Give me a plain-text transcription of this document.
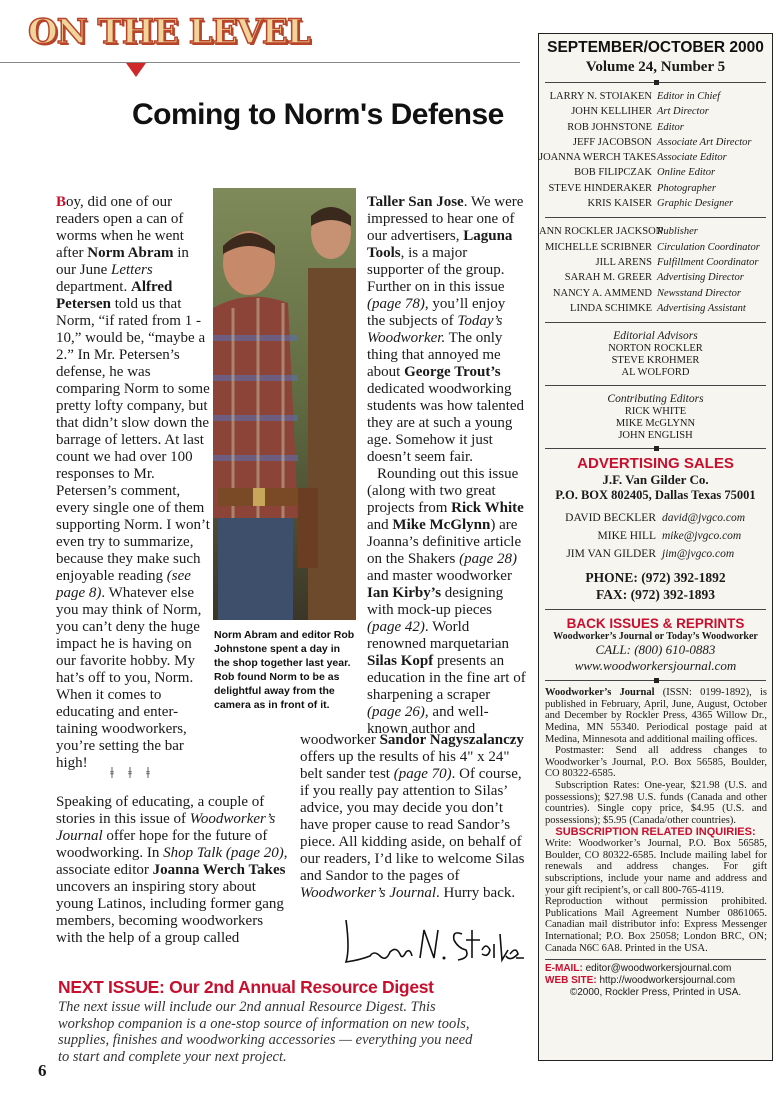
ON THE LEVEL
Coming to Norm's Defense

Boy, did one of our readers open a can of worms when he went after Norm Abram in our June Letters department. Alfred Petersen told us that Norm, “if rated from 1 - 10,” would be, “maybe a 2.” In Mr. Petersen’s defense, he was comparing Norm to some pretty lofty company, but that didn’t slow down the barrage of letters. At last count we had over 100 responses to Mr. Petersen’s comment, every single one of them supporting Norm. I won’t even try to summarize, because they make such enjoyable reading (see page 8). Whatever else you may think of Norm, you can’t deny the huge impact he is having on our favorite hobby. My hat’s off to you, Norm. When it comes to educating and enter-taining woodworkers, you’re setting the bar high!

ǂǂǂ

Speaking of educating, a couple of stories in this issue of Woodworker’s Journal offer hope for the future of woodworking. In Shop Talk (page 20), associate editor Joanna Werch Takes uncovers an inspiring story about young Latinos, including former gang members, becoming woodworkers with the help of a group called

Norm Abram and editor Rob Johnstone spent a day in the shop together last year. Rob found Norm to be as delightful away from the camera as in front of it.

Taller San Jose. We were impressed to hear one of our advertisers, Laguna Tools, is a major supporter of the group. Further on in this issue (page 78), you’ll enjoy the subjects of Today’s Woodworker. The only thing that annoyed me about George Trout’s dedicated woodworking students was how talented they are at such a young age. Somehow it just doesn’t seem fair.

Rounding out this issue (along with two great projects from Rick White and Mike McGlynn) are Joanna’s definitive article on the Shakers (page 28) and master woodworker Ian Kirby’s designing with mock-up pieces (page 42). World renowned marquetarian Silas Kopf presents an education in the fine art of sharpening a scraper (page 26), and well-known author and

woodworker Sandor Nagyszalanczy offers up the results of his 4" x 24" belt sander test (page 70). Of course, if you really pay attention to Silas’ advice, you may decide you don’t have proper cause to read Sandor’s piece. All kidding aside, on behalf of our readers, I’d like to welcome Silas and Sandor to the pages of Woodworker’s Journal. Hurry back.

NEXT ISSUE: Our 2nd Annual Resource Digest
The next issue will include our 2nd annual Resource Digest. This workshop companion is a one-stop source of information on new tools, supplies, finishes and woodworking accessories — everything you need to start and complete your next project.
6
SEPTEMBER/OCTOBER 2000
Volume 24, Number 5
LARRY N. STOIAKEN Editor in Chief
JOHN KELLIHER Art Director
ROB JOHNSTONE Editor
JEFF JACOBSON Associate Art Director
JOANNA WERCH TAKES Associate Editor
BOB FILIPCZAK Online Editor
STEVE HINDERAKER Photographer
KRIS KAISER Graphic Designer
ANN ROCKLER JACKSON
Publisher
MICHELLE SCRIBNER Circulation Coordinator
JILL ARENS Fulfillment Coordinator
SARAH M. GREER Advertising Director
NANCY A. AMMEND Newsstand Director
LINDA SCHIMKE Advertising Assistant
Editorial Advisors
NORTON ROCKLER
STEVE KROHMER
AL WOLFORD
Contributing Editors
RICK WHITE
MIKE McGLYNN
JOHN ENGLISH
ADVERTISING SALES
J.F. Van Gilder Co.
P.O. BOX 802405, Dallas Texas 75001
DAVID BECKLER david@jvgco.com
MIKE HILL mike@jvgco.com
JIM VAN GILDER jim@jvgco.com
PHONE: (972) 392-1892
FAX: (972) 392-1893
BACK ISSUES & REPRINTS
Woodworker’s Journal or Today’s Woodworker
CALL: (800) 610-0883
www.woodworkersjournal.com

Woodworker’s Journal (ISSN: 0199-1892), is published in February, April, June, August, October and December by Rockler Press, 4365 Willow Dr., Medina, MN 55340. Periodical postage paid at Medina, Minnesota and additional mailing offices.

Postmaster: Send all address changes to Woodworker’s Journal, P.O. Box 56585, Boulder, CO 80322-6585.

Subscription Rates: One-year, $21.98 (U.S. and possessions); $27.98 U.S. funds (Canada and other countries). Single copy price, $4.95 (U.S. and possessions); $5.95 (Canada/other countries).

SUBSCRIPTION RELATED INQUIRIES:

Write: Woodworker’s Journal, P.O. Box 56585, Boulder, CO 80322-6585. Include mailing label for renewals and address changes. For gift subscriptions, include your name and address and your gift recipient’s, or call 800-765-4119.

Reproduction without permission prohibited. Publications Mail Agreement Number 0861065. Canadian mail distributor info: Express Messenger International; P.O. Box 25058; London BRC, ON; Canada N6C 6A8. Printed in the USA.

E-MAIL: editor@woodworkersjournal.com
WEB SITE: http://woodworkersjournal.com
©2000, Rockler Press, Printed in USA.
